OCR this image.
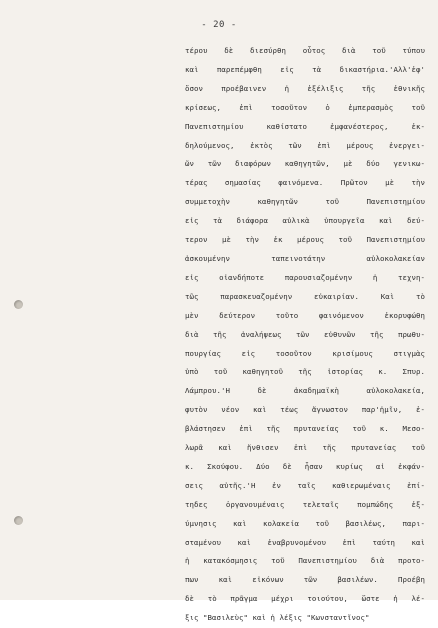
- 20 -
τέρου δὲ διεσύρθη οὗτος διὰ τοῦ τύπου
καὶ παρεπέμφθη εἰς τὰ δικαστήρια.'Αλλ'ἐφ'
ὅσον προέβαινεν ἡ ἐξέλιξις τῆς ἐθνικῆς
κρίσεως, ἐπὶ τοσοῦτον ὁ ἐμπερασμὸς τοῦ
Πανεπιστημίου καθίστατο ἐμφανέστερος, ἐκ-
δηλούμενος, ἐκτὸς τῶν ἐπὶ μέρους ἐνεργει-
ῶν τῶν διαφόρων καθηγητῶν, μὲ δύο γενικω-
τέρας σημασίας φαινόμενα. Πρῶτον μὲ τὴν
συμμετοχὴν καθηγητῶν τοῦ Πανεπιστημίου
εἰς τὰ διάφορα αὐλικὰ ὑπουργεῖα καὶ δεύ-
τερον μὲ τὴν ἐκ μέρους τοῦ Πανεπιστημίου
ἀσκουμένην ταπεινοτάτην αὐλοκολακείαν
εἰς οἱανδήποτε παρουσιαζομένην ἡ τεχνη-
τῶς παρασκευαζομένην εὐκαιρίαν. Καὶ τὸ
μὲν δεύτερον τοῦτο φαινόμενον ἐκορυφώθη
διὰ τῆς ἀναλήψεως τῶν εὐθυνῶν τῆς πρωθυ-
πουργίας εἰς τοσοῦτον κρισίμους στιγμὰς
ὑπὸ τοῦ καθηγητοῦ τῆς ἱστορίας κ. Σπυρ.
Λάμπρου.'Η δὲ ἀκαδημαϊκὴ αὐλοκολακεία,
φυτὸν νέον καὶ τέως ἄγνωστον παρ'ἡμῖν, ἐ-
βλάστησεν ἐπὶ τῆς πρυτανείας τοῦ κ. Μεσο-
λωρᾶ καὶ ἤνθισεν ἐπὶ τῆς πρυτανείας τοῦ
κ. Σκούφου. Δύο δὲ ἦσαν κυρίως αἱ ἐκφάν-
σεις αὐτῆς.'Η ἐν ταῖς καθιερωμέναις ἑπί-
τηδες ὀργανουμέναις τελεταῖς πομπώδης ἐξ-
ύμνησις καὶ κολακεία τοῦ βασιλέως, παρι-
σταμένου καὶ ἐναβρυνομένου ἐπὶ ταύτη καὶ
ἡ κατακόσμησις τοῦ Πανεπιστημίου διὰ προτο-
πων καὶ εἰκόνων τῶν βασιλέων. Προέβη
δὲ τὸ πρᾶγμα μέχρι τοιούτου, ὥστε ἡ λέ-
ξις "Βασιλεὺς" καὶ ἡ λέξις "Κωνσταντῖνος"
